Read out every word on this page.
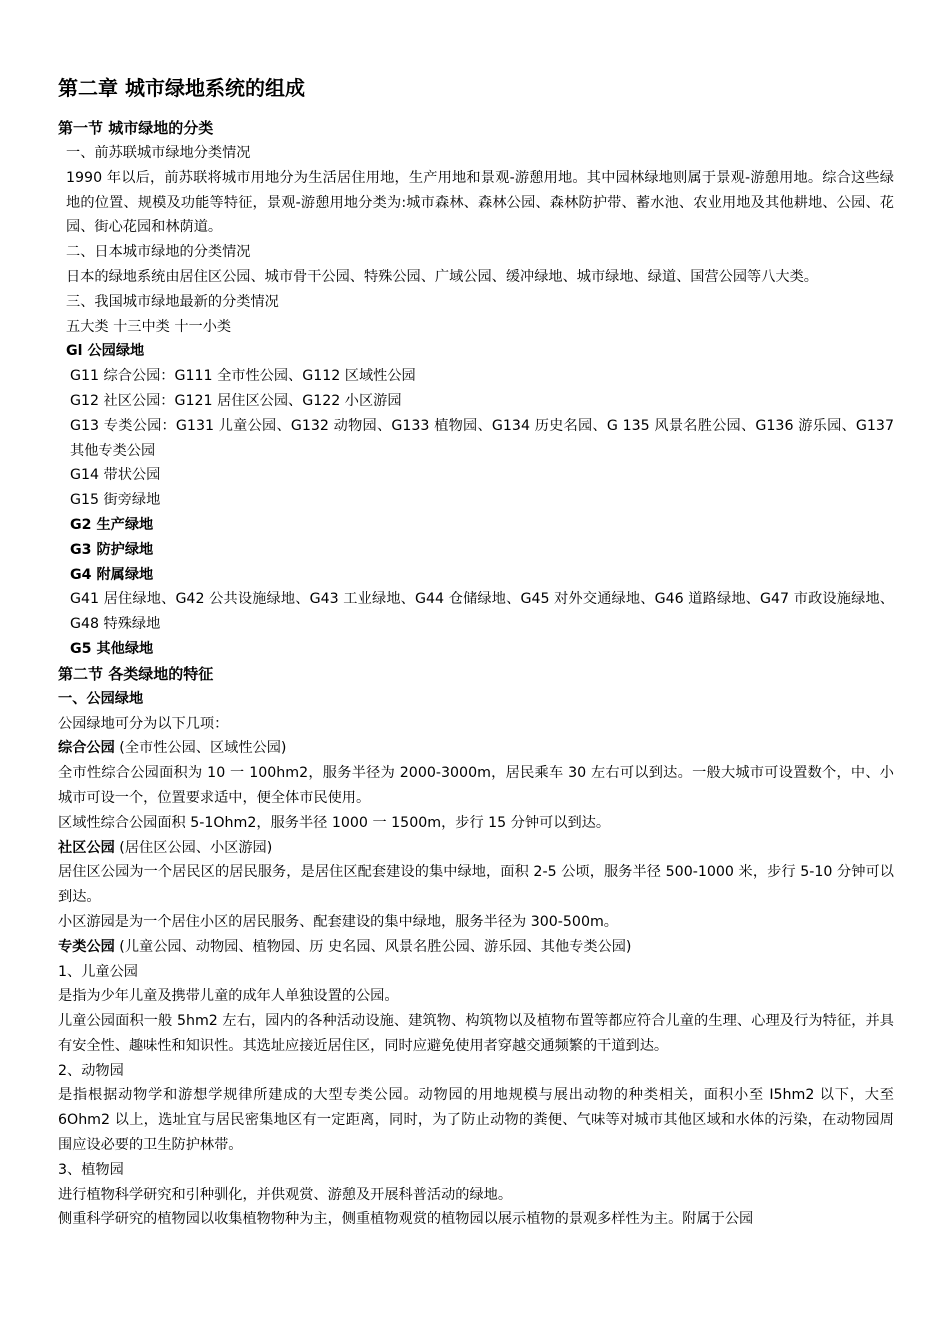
第二章 城市绿地系统的组成
第一节 城市绿地的分类

一、前苏联城市绿地分类情况

1990 年以后，前苏联将城市用地分为生活居住用地，生产用地和景观-游憩用地。其中园林绿地则属于景观-游憩用地。综合这些绿地的位置、规模及功能等特征，景观-游憩用地分类为:城市森林、森林公园、森林防护带、蓄水池、农业用地及其他耕地、公园、花园、街心花园和林荫道。

二、日本城市绿地的分类情况

日本的绿地系统由居住区公园、城市骨干公园、特殊公园、广域公园、缓冲绿地、城市绿地、绿道、国营公园等八大类。

三、我国城市绿地最新的分类情况

五大类 十三中类 十一小类

Gl 公园绿地

G11 综合公园：G111 全市性公园、G112 区域性公园

G12 社区公园：G121 居住区公园、G122 小区游园

G13 专类公园：G131 儿童公园、G132 动物园、G133 植物园、G134 历史名园、G 135 风景名胜公园、G136 游乐园、G137 其他专类公园

G14 带状公园

G15 街旁绿地

G2 生产绿地

G3 防护绿地

G4 附属绿地

G41 居住绿地、G42 公共设施绿地、G43 工业绿地、G44 仓储绿地、G45 对外交通绿地、G46 道路绿地、G47 市政设施绿地、G48 特殊绿地

G5 其他绿地

第二节 各类绿地的特征

一、公园绿地

公园绿地可分为以下几项：

综合公园 (全市性公园、区域性公园)

全市性综合公园面积为 10 一 100hm2，服务半径为 2000-3000m，居民乘车 30 左右可以到达。一般大城市可设置数个，中、小城市可设一个，位置要求适中，便全体市民使用。

区域性综合公园面积 5-1Ohm2，服务半径 1000 一 1500m，步行 15 分钟可以到达。

社区公园 (居住区公园、小区游园)

居住区公园为一个居民区的居民服务，是居住区配套建设的集中绿地，面积 2-5 公顷，服务半径 500-1000 米，步行 5-10 分钟可以到达。

小区游园是为一个居住小区的居民服务、配套建设的集中绿地，服务半径为 300-500m。

专类公园 (儿童公园、动物园、植物园、历 史名园、风景名胜公园、游乐园、其他专类公园)

1、儿童公园

是指为少年儿童及携带儿童的成年人单独设置的公园。

儿童公园面积一般 5hm2 左右，园内的各种活动设施、建筑物、构筑物以及植物布置等都应符合儿童的生理、心理及行为特征，并具有安全性、趣味性和知识性。其选址应接近居住区，同时应避免使用者穿越交通频繁的干道到达。

2、动物园

是指根据动物学和游想学规律所建成的大型专类公园。动物园的用地规模与展出动物的种类相关，面积小至 I5hm2 以下，大至 6Ohm2 以上，选址宜与居民密集地区有一定距离，同时，为了防止动物的粪便、气味等对城市其他区域和水体的污染，在动物园周围应设必要的卫生防护林带。

3、植物园

进行植物科学研究和引种驯化，并供观赏、游憩及开展科普活动的绿地。

侧重科学研究的植物园以收集植物物种为主，侧重植物观赏的植物园以展示植物的景观多样性为主。附属于公园
